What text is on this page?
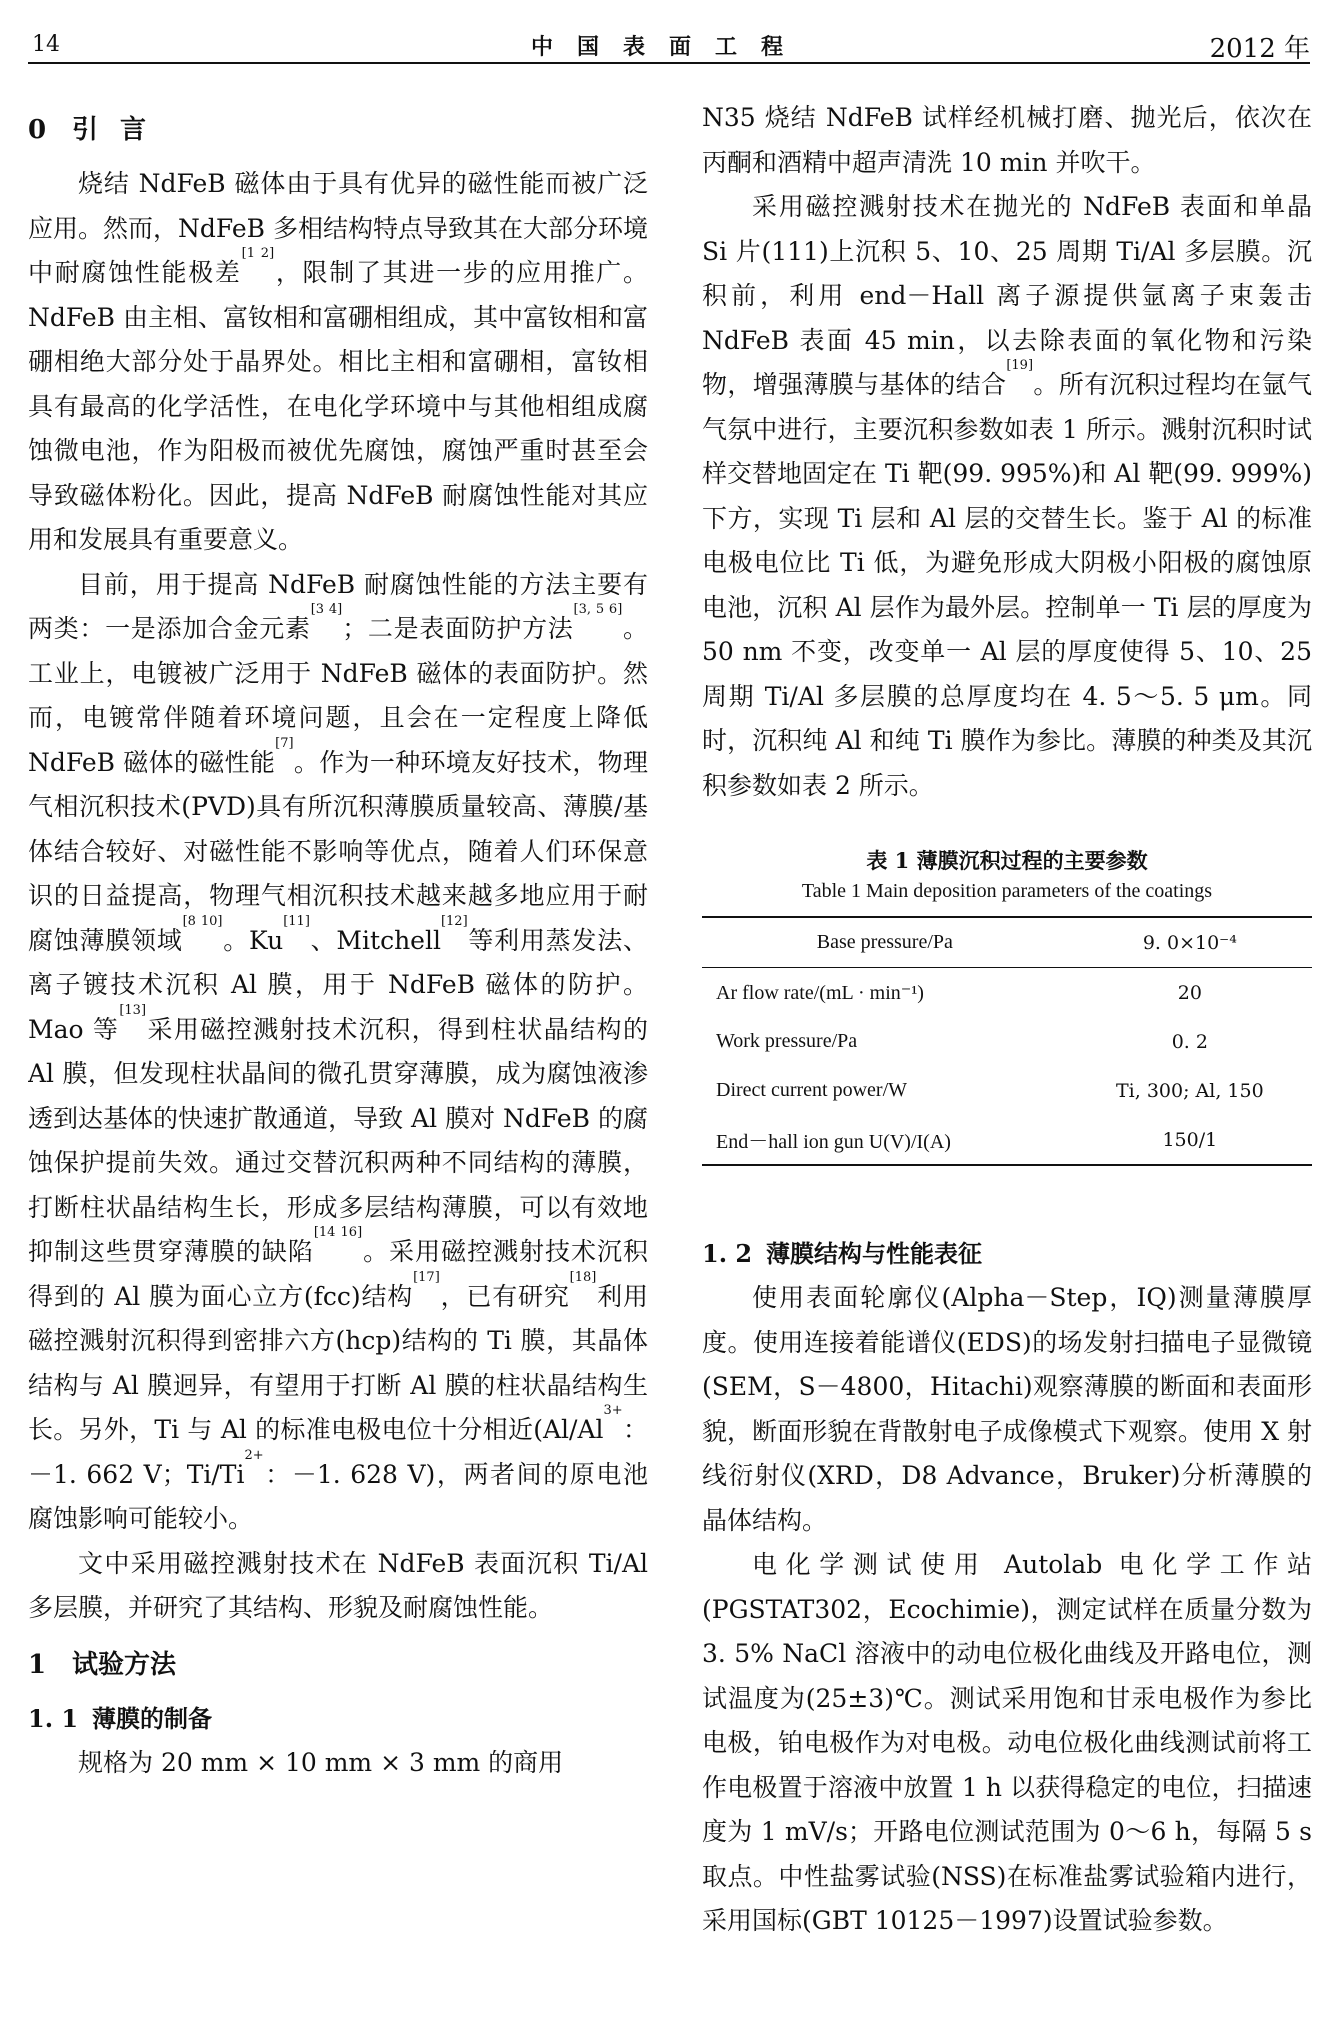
14	中国表面工程	2012 年
0 引言

烧结 NdFeB 磁体由于具有优异的磁性能而被广泛应用。然而，NdFeB 多相结构特点导致其在大部分环境中耐腐蚀性能极差[1 2]，限制了其进一步的应用推广。NdFeB 由主相、富钕相和富硼相组成，其中富钕相和富硼相绝大部分处于晶界处。相比主相和富硼相，富钕相具有最高的化学活性，在电化学环境中与其他相组成腐蚀微电池，作为阳极而被优先腐蚀，腐蚀严重时甚至会导致磁体粉化。因此，提高 NdFeB 耐腐蚀性能对其应用和发展具有重要意义。

目前，用于提高 NdFeB 耐腐蚀性能的方法主要有两类：一是添加合金元素[3 4]；二是表面防护方法[3, 5 6]。工业上，电镀被广泛用于 NdFeB 磁体的表面防护。然而，电镀常伴随着环境问题，且会在一定程度上降低 NdFeB 磁体的磁性能[7]。作为一种环境友好技术，物理气相沉积技术(PVD)具有所沉积薄膜质量较高、薄膜/基体结合较好、对磁性能不影响等优点，随着人们环保意识的日益提高，物理气相沉积技术越来越多地应用于耐腐蚀薄膜领域[8 10]。Ku[11]、Mitchell[12]等利用蒸发法、离子镀技术沉积 Al 膜，用于 NdFeB 磁体的防护。Mao 等[13]采用磁控溅射技术沉积，得到柱状晶结构的 Al 膜，但发现柱状晶间的微孔贯穿薄膜，成为腐蚀液渗透到达基体的快速扩散通道，导致 Al 膜对 NdFeB 的腐蚀保护提前失效。通过交替沉积两种不同结构的薄膜，打断柱状晶结构生长，形成多层结构薄膜，可以有效地抑制这些贯穿薄膜的缺陷[14 16]。采用磁控溅射技术沉积得到的 Al 膜为面心立方(fcc)结构[17]，已有研究[18]利用磁控溅射沉积得到密排六方(hcp)结构的 Ti 膜，其晶体结构与 Al 膜迥异，有望用于打断 Al 膜的柱状晶结构生长。另外，Ti 与 Al 的标准电极电位十分相近($Al/Al^{3+}$：－1. 662 V；$Ti/Ti^{2+}$：－1. 628 V)，两者间的原电池腐蚀影响可能较小。

文中采用磁控溅射技术在 NdFeB 表面沉积 Ti/Al 多层膜，并研究了其结构、形貌及耐腐蚀性能。

1 试验方法
1. 1 薄膜的制备

规格为 20 mm × 10 mm × 3 mm 的商用

N35 烧结 NdFeB 试样经机械打磨、抛光后，依次在丙酮和酒精中超声清洗 10 min 并吹干。

采用磁控溅射技术在抛光的 NdFeB 表面和单晶 Si 片(111)上沉积 5、10、25 周期 Ti/Al 多层膜。沉积前，利用 end－Hall 离子源提供氩离子束轰击 NdFeB 表面 45 min，以去除表面的氧化物和污染物，增强薄膜与基体的结合[19]。所有沉积过程均在氩气气氛中进行，主要沉积参数如表 1 所示。溅射沉积时试样交替地固定在 Ti 靶(99. 995%)和 Al 靶(99. 999%)下方，实现 Ti 层和 Al 层的交替生长。鉴于 Al 的标准电极电位比 Ti 低，为避免形成大阴极小阳极的腐蚀原电池，沉积 Al 层作为最外层。控制单一 Ti 层的厚度为 50 nm 不变，改变单一 Al 层的厚度使得 5、10、25 周期 Ti/Al 多层膜的总厚度均在 4. 5～5. 5 μm。同时，沉积纯 Al 和纯 Ti 膜作为参比。薄膜的种类及其沉积参数如表 2 所示。

表 1 薄膜沉积过程的主要参数
Table 1 Main deposition parameters of the coatings
Base pressure/Pa	9. 0×10⁻⁴
Ar flow rate/(mL · min⁻¹)	20
Work pressure/Pa	0. 2
Direct current power/W	Ti, 300; Al, 150
End－hall ion gun U(V)/I(A)	150/1
1. 2 薄膜结构与性能表征

使用表面轮廓仪(Alpha－Step，IQ)测量薄膜厚度。使用连接着能谱仪(EDS)的场发射扫描电子显微镜(SEM，S－4800，Hitachi)观察薄膜的断面和表面形貌，断面形貌在背散射电子成像模式下观察。使用 X 射线衍射仪(XRD，D8 Advance，Bruker)分析薄膜的晶体结构。

电化学测试使用 Autolab 电化学工作站(PGSTAT302，Ecochimie)，测定试样在质量分数为 3. 5% NaCl 溶液中的动电位极化曲线及开路电位，测试温度为(25±3)℃。测试采用饱和甘汞电极作为参比电极，铂电极作为对电极。动电位极化曲线测试前将工作电极置于溶液中放置 1 h 以获得稳定的电位，扫描速度为 1 mV/s；开路电位测试范围为 0～6 h，每隔 5 s 取点。中性盐雾试验(NSS)在标准盐雾试验箱内进行，采用国标(GBT 10125－1997)设置试验参数。
